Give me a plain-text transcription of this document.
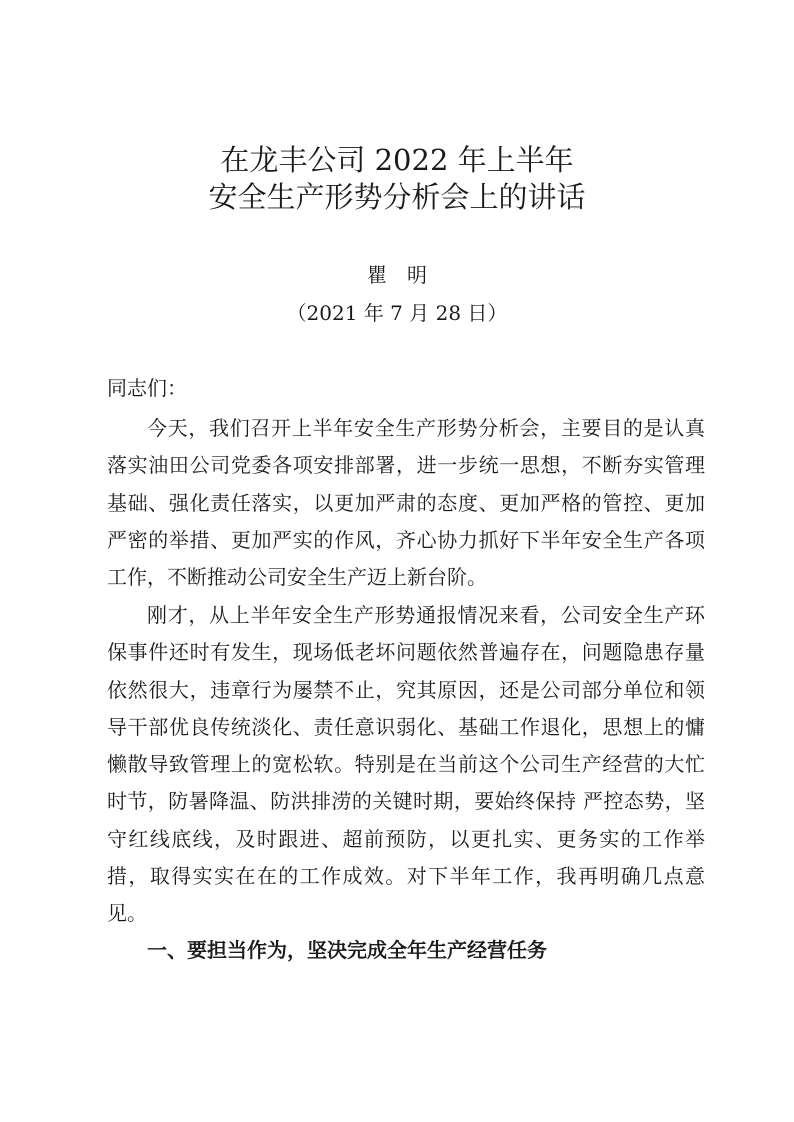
在龙丰公司 2022 年上半年
安全生产形势分析会上的讲话
瞿明
（2021 年 7 月 28 日）
同志们：

今天，我们召开上半年安全生产形势分析会，主要目的是认真落实油田公司党委各项安排部署，进一步统一思想，不断夯实管理基础、强化责任落实，以更加严肃的态度、更加严格的管控、更加严密的举措、更加严实的作风，齐心协力抓好下半年安全生产各项工作，不断推动公司安全生产迈上新台阶。

刚才，从上半年安全生产形势通报情况来看，公司安全生产环保事件还时有发生，现场低老坏问题依然普遍存在，问题隐患存量依然很大，违章行为屡禁不止，究其原因，还是公司部分单位和领导干部优良传统淡化、责任意识弱化、基础工作退化，思想上的慵懒散导致管理上的宽松软。特别是在当前这个公司生产经营的大忙时节，防暑降温、防洪排涝的关键时期，要始终保持 严控态势，坚守红线底线，及时跟进、超前预防，以更扎实、更务实的工作举措，取得实实在在的工作成效。对下半年工作，我再明确几点意见。

一、要担当作为，坚决完成全年生产经营任务
